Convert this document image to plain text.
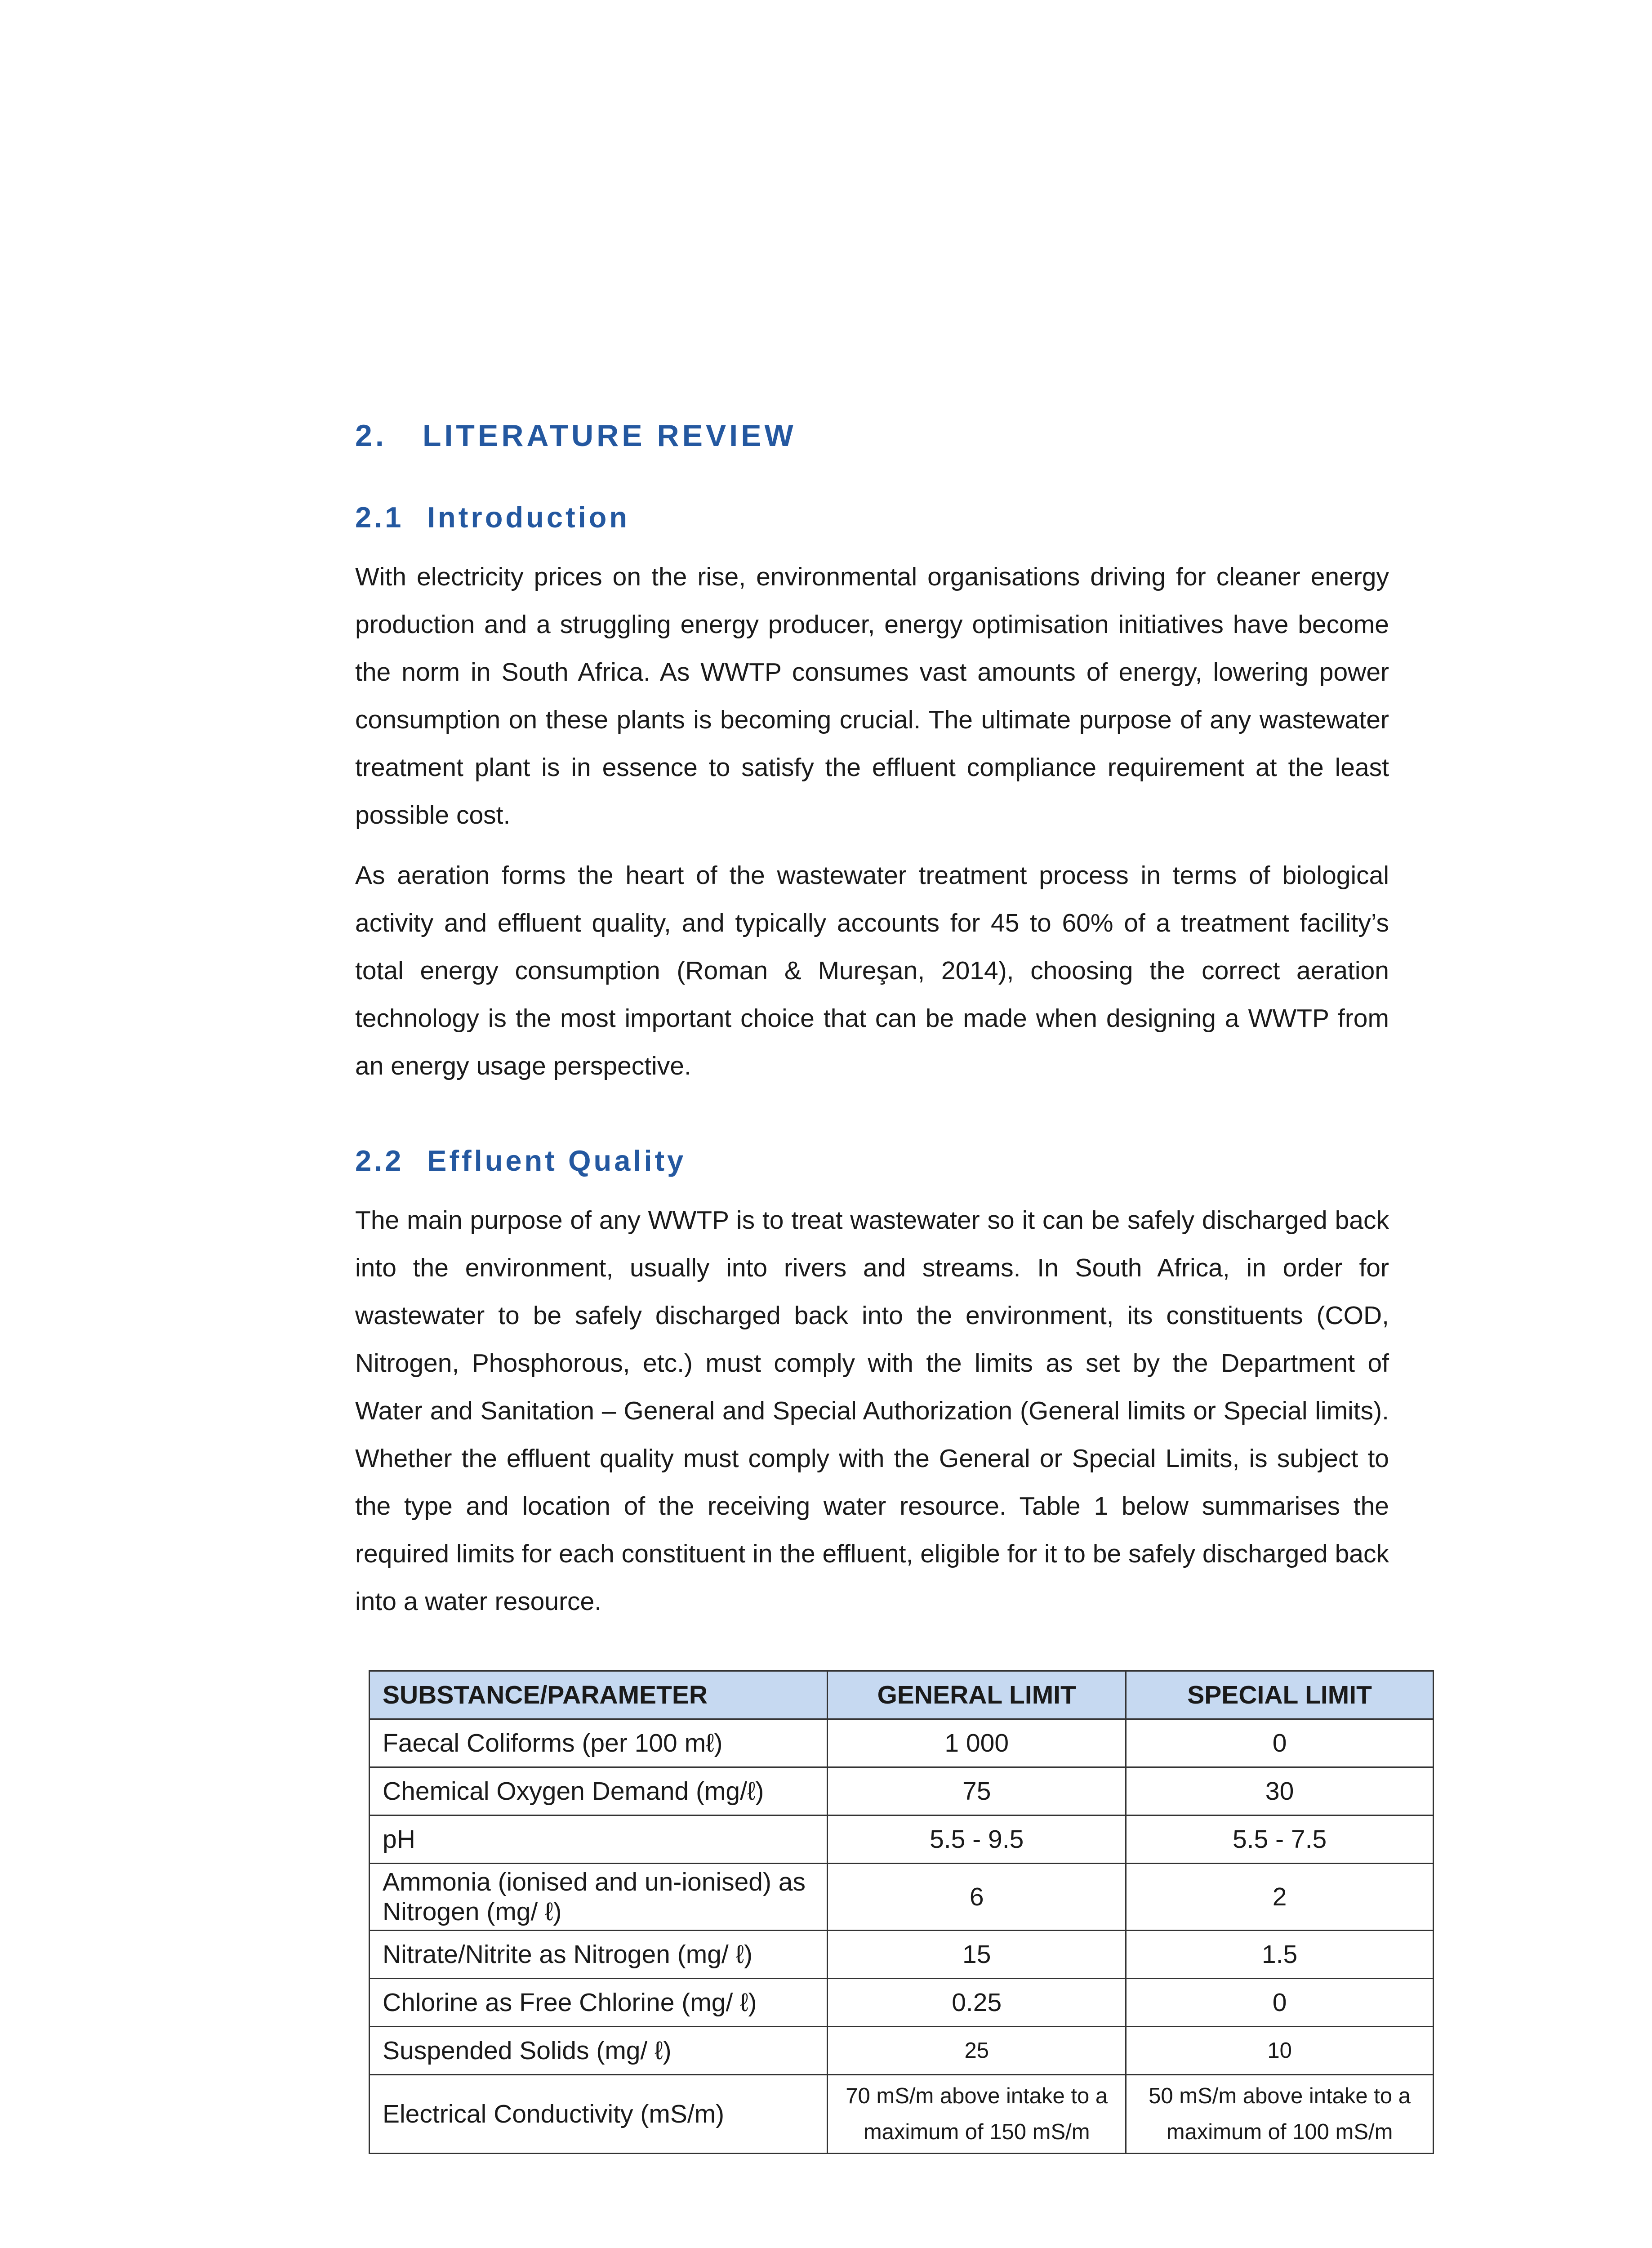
2.	LITERATURE REVIEW
2.1 Introduction

With electricity prices on the rise, environmental organisations driving for cleaner energy production and a struggling energy producer, energy optimisation initiatives have become the norm in South Africa. As WWTP consumes vast amounts of energy, lowering power consumption on these plants is becoming crucial. The ultimate purpose of any wastewater treatment plant is in essence to satisfy the effluent compliance requirement at the least possible cost.

As aeration forms the heart of the wastewater treatment process in terms of biological activity and effluent quality, and typically accounts for 45 to 60% of a treatment facility’s total energy consumption (Roman & Mureşan, 2014), choosing the correct aeration technology is the most important choice that can be made when designing a WWTP from an energy usage perspective.

2.2 Effluent Quality

The main purpose of any WWTP is to treat wastewater so it can be safely discharged back into the environment, usually into rivers and streams. In South Africa, in order for wastewater to be safely discharged back into the environment, its constituents (COD, Nitrogen, Phosphorous, etc.) must comply with the limits as set by the Department of Water and Sanitation – General and Special Authorization (General limits or Special limits). Whether the effluent quality must comply with the General or Special Limits, is subject to the type and location of the receiving water resource. Table 1 below summarises the required limits for each constituent in the effluent, eligible for it to be safely discharged back into a water resource.

SUBSTANCE/PARAMETER	GENERAL LIMIT	SPECIAL LIMIT
Faecal Coliforms (per 100 mℓ)	1 000	0
Chemical Oxygen Demand (mg/ℓ)	75	30
pH	5.5 - 9.5	5.5 - 7.5
Ammonia (ionised and un-ionised) as Nitrogen (mg/ ℓ)	6	2
Nitrate/Nitrite as Nitrogen (mg/ ℓ)	15	1.5
Chlorine as Free Chlorine (mg/ ℓ)	0.25	0
Suspended Solids (mg/ ℓ)	25	10
Electrical Conductivity (mS/m)	70 mS/m above intake to a maximum of 150 mS/m	50 mS/m above intake to a maximum of 100 mS/m
